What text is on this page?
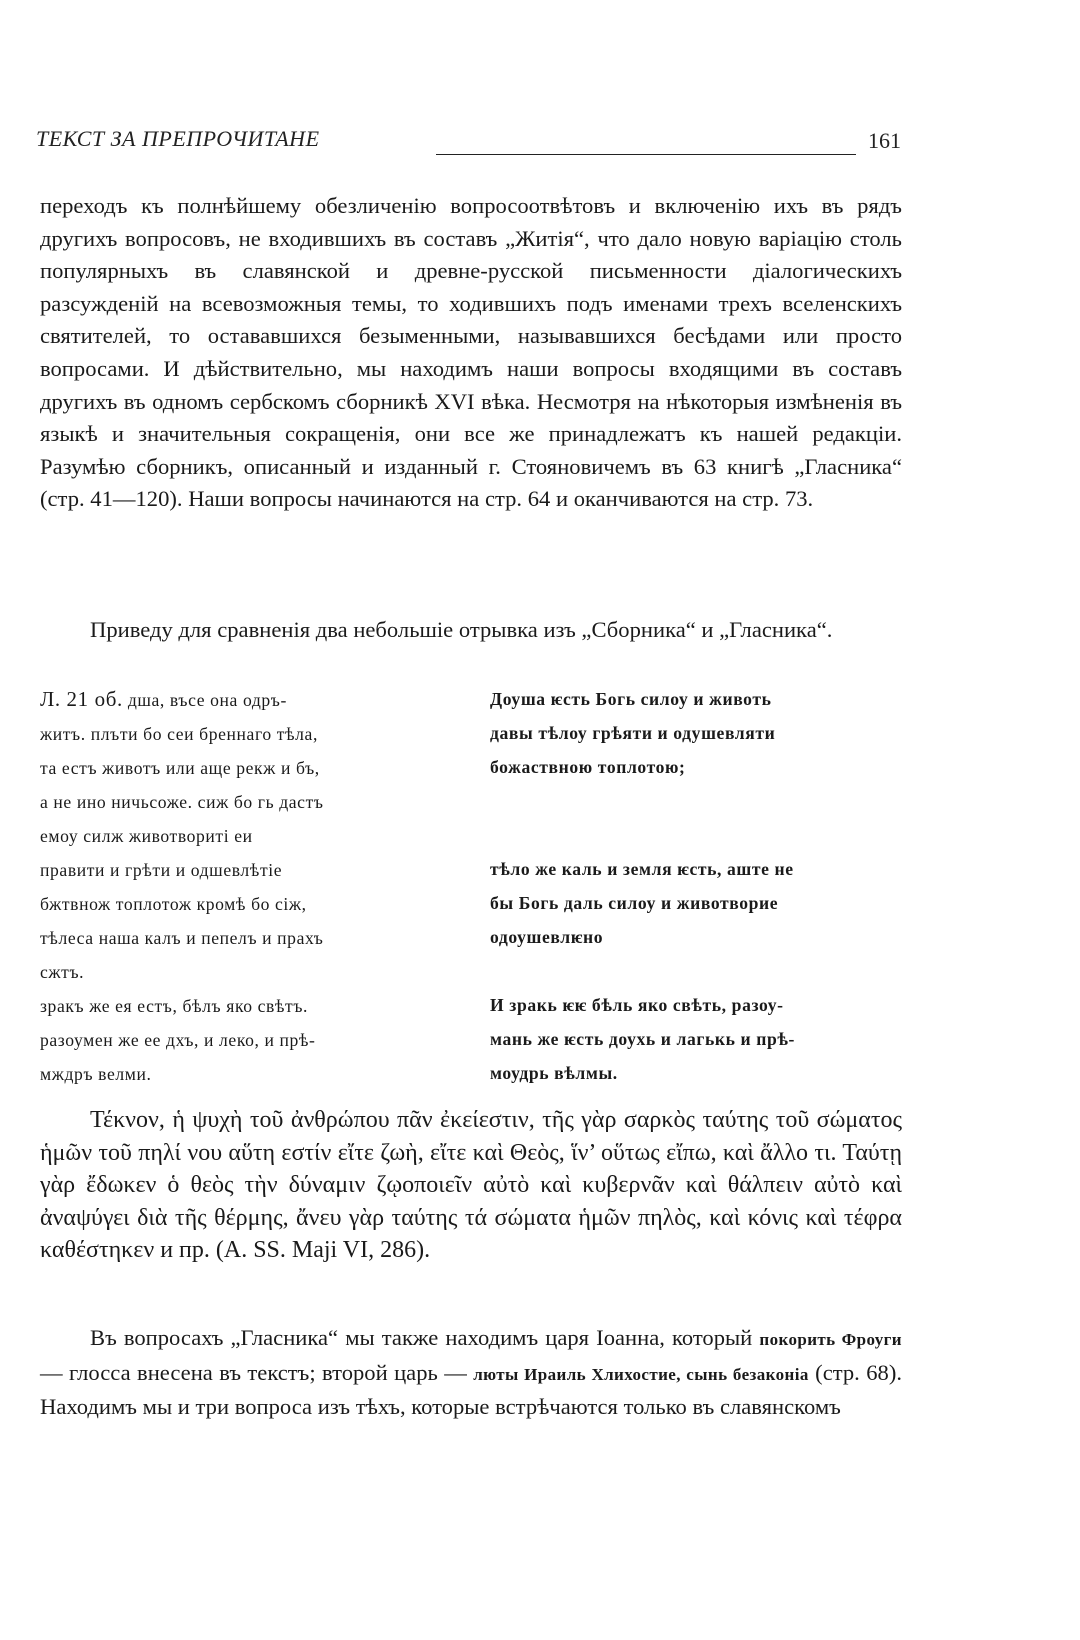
ТЕКСТ ЗА ПРЕПРОЧИТАНЕ	161
переходъ къ полнѣйшему обезличенію вопросоотвѣтовъ и включенію ихъ въ рядъ другихъ вопросовъ, не входившихъ въ составъ „Житія“, что дало новую варіацію столь популярныхъ въ славянской и древне-русской письменности діалогическихъ разсужденій на всевозможныя темы, то ходившихъ подъ именами трехъ вселенскихъ святителей, то остававшихся безыменными, называвшихся бесѣдами или просто вопросами. И дѣйствительно, мы находимъ наши вопросы входящими въ составъ другихъ въ одномъ сербскомъ сборникѣ XVI вѣка. Несмотря на нѣкоторыя измѣненія въ языкѣ и значительныя сокращенія, они все же принадлежатъ къ нашей редакціи. Разумѣю сборникъ, описанный и изданный г. Стояновичемъ въ 63 книгѣ „Гласника“ (стр. 41—120). Наши вопросы начинаются на стр. 64 и оканчиваются на стр. 73.
Приведу для сравненія два небольшіе отрывка изъ „Сборника“ и „Гласника“.
Л. 21 об. дша, въсе она одръ-
житъ. плъти бо сеи бреннаго тѣла,
та естъ животъ или аще рекж и бъ,
а не ино ничьсоже. сиж бо гь дастъ
емоу силж животворитi еи
правити и грѣти и одшевлѣтiе
бжтвнож топлотож кромѣ бо сiж,
тѣлеса наша калъ и пепелъ и прахъ
сжтъ.
зракъ же ея естъ, бѣлъ яко свѣтъ.
разоумен же ее дхъ, и леко, и прѣ-
мждръ велми.
Доуша ѥсть Богь силоу и животь
давы тѣлоу грѣяти и одушевляти
божаствною топлотою;
тѣло же каль и земля ѥсть, аште не
бы Богь даль силоу и животворие
одоушевлѥно
И зракь ѥѥ бѣль яко свѣть, разоу-
мань же ѥсть доухь и лагькь и прѣ-
моудрь вѣлмы.
Τέκνον, ἡ ψυχὴ τοῦ ἀνθρώπου πᾶν ἐκείεστιν, τῆς γὰρ σαρκὸς ταύτης τοῦ σώματος ἡμῶν τοῦ πηλί νου αὕτη εστίν εἴτε ζωὴ, εἴτε καὶ Θεὸς, ἵν’ οὕτως εἴπω, καὶ ἄλλο τι. Ταύτῃ γὰρ ἔδωκεν ὁ θεὸς τὴν δύναμιν ζῳοποιεῖν αὐτὸ καὶ κυβερνᾶν καὶ θάλπειν αὐτὸ καὶ ἀναψύγει διὰ τῆς θέρμης, ἄνευ γὰρ ταύτης τά σώματα ἡμῶν πηλὸς, καὶ κόνις καὶ τέφρα καθέστηκεν и пр. (А. SS. Maji VI, 286).
Въ вопросахъ „Гласника“ мы также находимъ царя Іоанна, который покорить Фроуги — глосса внесена въ текстъ; второй царь — люты Ираиль Хлихостие, сынь безаконіа (стр. 68). Находимъ мы и три вопроса изъ тѣхъ, которые встрѣчаются только въ славянскомъ
